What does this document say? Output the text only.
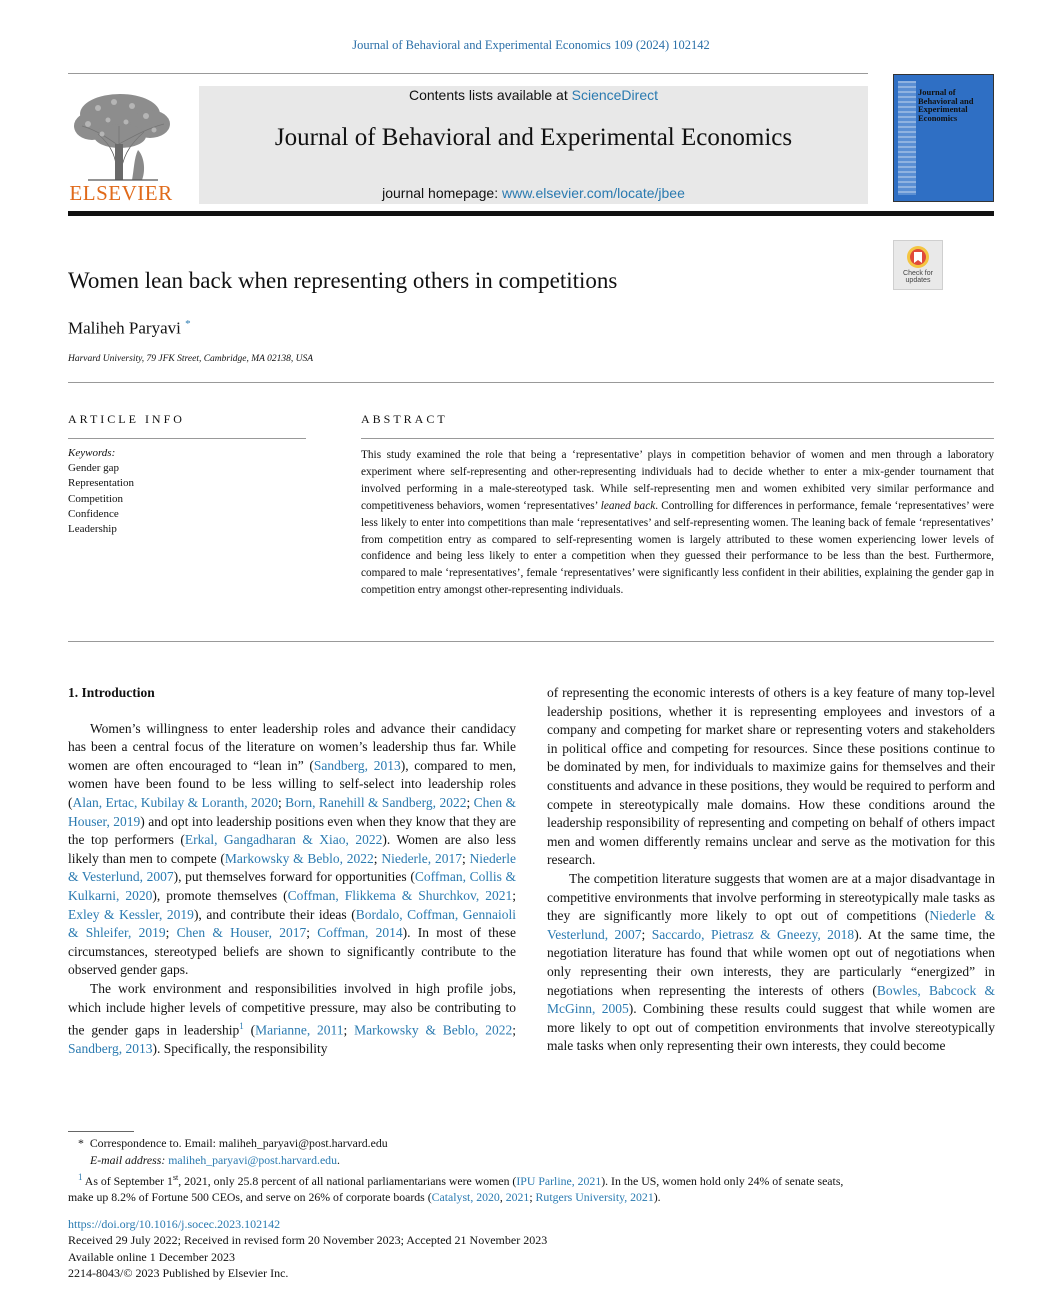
Journal of Behavioral and Experimental Economics 109 (2024) 102142
ELSEVIER
Contents lists available at ScienceDirect
Journal of Behavioral and Experimental Economics
journal homepage: www.elsevier.com/locate/jbee
Journal of Behavioral and Experimental Economics
Check for
updates
Women lean back when representing others in competitions
Maliheh Paryavi *
Harvard University, 79 JFK Street, Cambridge, MA 02138, USA
ARTICLE INFO	ABSTRACT
Keywords:
Gender gap
Representation
Competition
Confidence
Leadership
This study examined the role that being a ‘representative’ plays in competition behavior of women and men through a laboratory experiment where self-representing and other-representing individuals had to decide whether to enter a mix-gender tournament that involved performing in a male-stereotyped task. While self-representing men and women exhibited very similar performance and competitiveness behaviors, women ‘representatives’ leaned back. Controlling for differences in performance, female ‘representatives’ were less likely to enter into competitions than male ‘representatives’ and self-representing women. The leaning back of female ‘representatives’ from competition entry as compared to self-representing women is largely attributed to these women experiencing lower levels of confidence and being less likely to enter a competition when they guessed their performance to be less than the best. Furthermore, compared to male ‘representatives’, female ‘representatives’ were significantly less confident in their abilities, explaining the gender gap in competition entry amongst other-representing individuals.
1. Introduction

Women’s willingness to enter leadership roles and advance their candidacy has been a central focus of the literature on women’s leadership thus far. While women are often encouraged to “lean in” (Sandberg, 2013), compared to men, women have been found to be less willing to self-select into leadership roles (Alan, Ertac, Kubilay & Loranth, 2020; Born, Ranehill & Sandberg, 2022; Chen & Houser, 2019) and opt into leadership positions even when they know that they are the top performers (Erkal, Gangadharan & Xiao, 2022). Women are also less likely than men to compete (Markowsky & Beblo, 2022; Niederle, 2017; Niederle & Vesterlund, 2007), put themselves forward for opportunities (Coffman, Collis & Kulkarni, 2020), promote themselves (Coffman, Flikkema & Shurchkov, 2021; Exley & Kessler, 2019), and contribute their ideas (Bordalo, Coffman, Gennaioli & Shleifer, 2019; Chen & Houser, 2017; Coffman, 2014). In most of these circumstances, stereotyped beliefs are shown to significantly contribute to the observed gender gaps.

The work environment and responsibilities involved in high profile jobs, which include higher levels of competitive pressure, may also be contributing to the gender gaps in leadership$^1$ (Marianne, 2011; Markowsky & Beblo, 2022; Sandberg, 2013). Specifically, the responsibility

of representing the economic interests of others is a key feature of many top-level leadership positions, whether it is representing employees and investors of a company and competing for market share or representing voters and stakeholders in political office and competing for resources. Since these positions continue to be dominated by men, for individuals to maximize gains for themselves and their constituents and advance in these positions, they would be required to perform and compete in stereotypically male domains. How these conditions around the leadership responsibility of representing and competing on behalf of others impact men and women differently remains unclear and serve as the motivation for this research.

The competition literature suggests that women are at a major disadvantage in competitive environments that involve performing in stereotypically male tasks as they are significantly more likely to opt out of competitions (Niederle & Vesterlund, 2007; Saccardo, Pietrasz & Gneezy, 2018). At the same time, the negotiation literature has found that while women opt out of negotiations when only representing their own interests, they are particularly “energized” in negotiations when representing the interests of others (Bowles, Babcock & McGinn, 2005). Combining these results could suggest that while women are more likely to opt out of competition environments that involve stereotypically male tasks when only representing their own interests, they could become

* Correspondence to. Email: maliheh_paryavi@post.harvard.edu
E-mail address: maliheh_paryavi@post.harvard.edu.
$^1$ As of September 1st, 2021, only 25.8 percent of all national parliamentarians were women (IPU Parline, 2021). In the US, women hold only 24% of senate seats,
make up 8.2% of Fortune 500 CEOs, and serve on 26% of corporate boards (Catalyst, 2020, 2021; Rutgers University, 2021).
https://doi.org/10.1016/j.socec.2023.102142
Received 29 July 2022; Received in revised form 20 November 2023; Accepted 21 November 2023
Available online 1 December 2023
2214-8043/© 2023 Published by Elsevier Inc.
